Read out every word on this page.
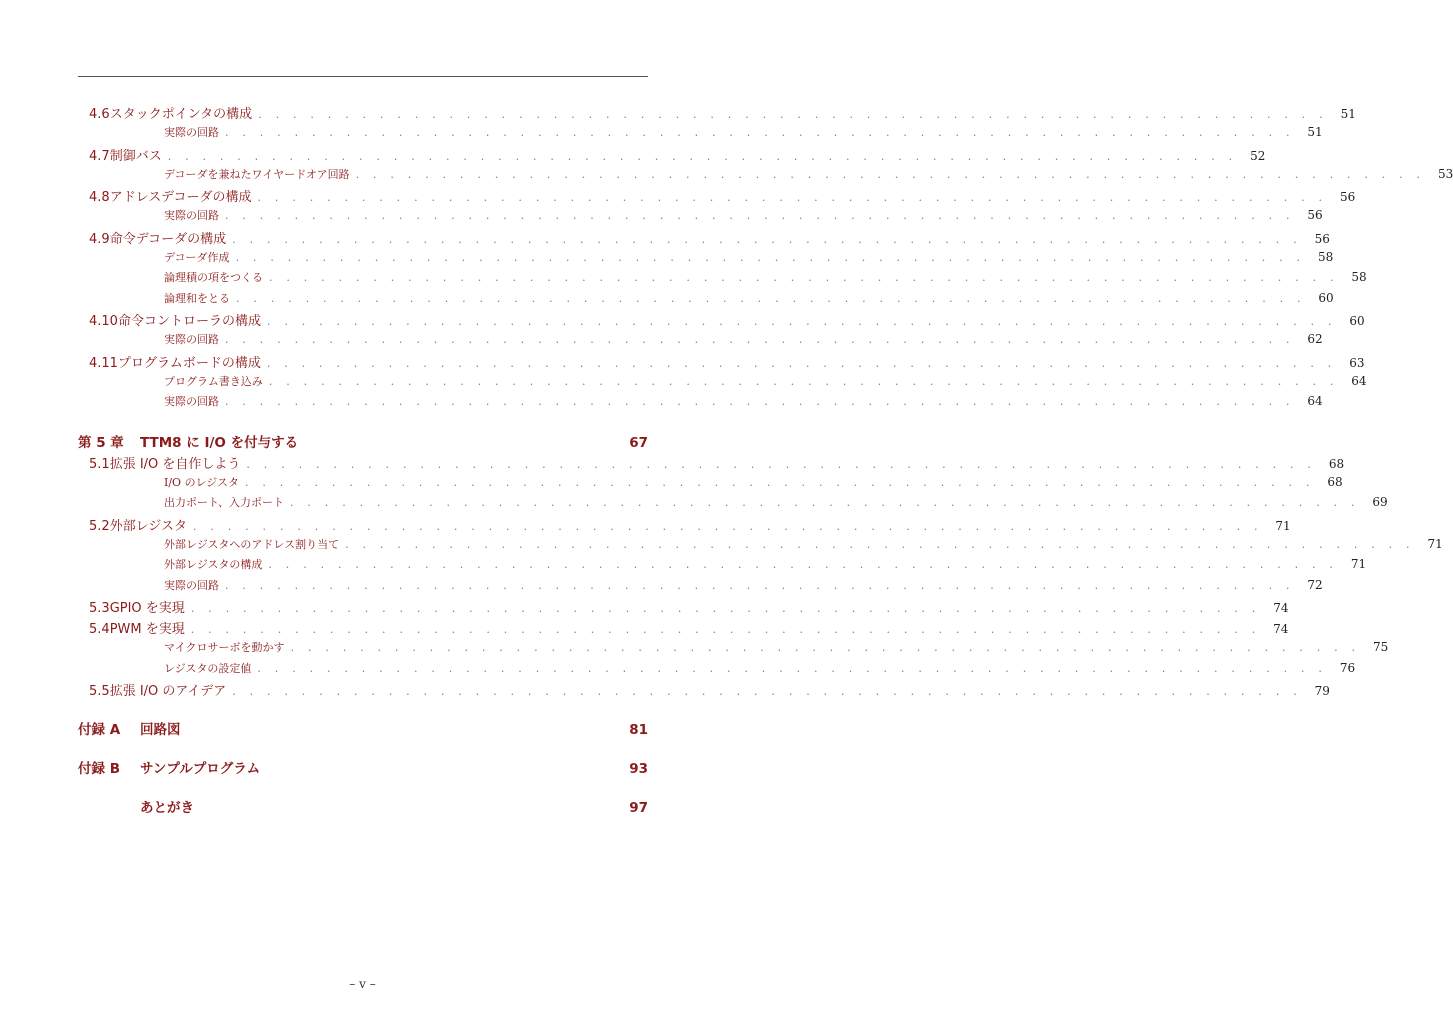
4.6 スタックポインタの構成 . . . . . . . . . . . . . . . . . . . . . . . . . . . . . . . . . . . . . . . . . . . . . . . . . . . . . . . . . . . . . .	51
実際の回路 . . . . . . . . . . . . . . . . . . . . . . . . . . . . . . . . . . . . . . . . . . . . . . . . . . . . . . . . . . . . . .	51
4.7 制御バス . . . . . . . . . . . . . . . . . . . . . . . . . . . . . . . . . . . . . . . . . . . . . . . . . . . . . . . . . . . . . .	52
デコーダを兼ねたワイヤードオア回路 . . . . . . . . . . . . . . . . . . . . . . . . . . . . . . . . . . . . . . . . . . . . . . . . . . . . . . . . . . . . . .	53
4.8 アドレスデコーダの構成 . . . . . . . . . . . . . . . . . . . . . . . . . . . . . . . . . . . . . . . . . . . . . . . . . . . . . . . . . . . . . .	56
実際の回路 . . . . . . . . . . . . . . . . . . . . . . . . . . . . . . . . . . . . . . . . . . . . . . . . . . . . . . . . . . . . . .	56
4.9 命令デコーダの構成 . . . . . . . . . . . . . . . . . . . . . . . . . . . . . . . . . . . . . . . . . . . . . . . . . . . . . . . . . . . . . .	56
デコーダ作成 . . . . . . . . . . . . . . . . . . . . . . . . . . . . . . . . . . . . . . . . . . . . . . . . . . . . . . . . . . . . . .	58
論理積の項をつくる . . . . . . . . . . . . . . . . . . . . . . . . . . . . . . . . . . . . . . . . . . . . . . . . . . . . . . . . . . . . . .	58
論理和をとる . . . . . . . . . . . . . . . . . . . . . . . . . . . . . . . . . . . . . . . . . . . . . . . . . . . . . . . . . . . . . .	60
4.10 命令コントローラの構成 . . . . . . . . . . . . . . . . . . . . . . . . . . . . . . . . . . . . . . . . . . . . . . . . . . . . . . . . . . . . . .	60
実際の回路 . . . . . . . . . . . . . . . . . . . . . . . . . . . . . . . . . . . . . . . . . . . . . . . . . . . . . . . . . . . . . .	62
4.11 プログラムボードの構成 . . . . . . . . . . . . . . . . . . . . . . . . . . . . . . . . . . . . . . . . . . . . . . . . . . . . . . . . . . . . . .	63
プログラム書き込み . . . . . . . . . . . . . . . . . . . . . . . . . . . . . . . . . . . . . . . . . . . . . . . . . . . . . . . . . . . . . .	64
実際の回路 . . . . . . . . . . . . . . . . . . . . . . . . . . . . . . . . . . . . . . . . . . . . . . . . . . . . . . . . . . . . . .	64
第 5 章	TTM8 に I/O を付与する	67
5.1 拡張 I/O を自作しよう . . . . . . . . . . . . . . . . . . . . . . . . . . . . . . . . . . . . . . . . . . . . . . . . . . . . . . . . . . . . . .	68
I/O のレジスタ . . . . . . . . . . . . . . . . . . . . . . . . . . . . . . . . . . . . . . . . . . . . . . . . . . . . . . . . . . . . . .	68
出力ポート、入力ポート . . . . . . . . . . . . . . . . . . . . . . . . . . . . . . . . . . . . . . . . . . . . . . . . . . . . . . . . . . . . . .	69
5.2 外部レジスタ . . . . . . . . . . . . . . . . . . . . . . . . . . . . . . . . . . . . . . . . . . . . . . . . . . . . . . . . . . . . . .	71
外部レジスタへのアドレス割り当て . . . . . . . . . . . . . . . . . . . . . . . . . . . . . . . . . . . . . . . . . . . . . . . . . . . . . . . . . . . . . .	71
外部レジスタの構成 . . . . . . . . . . . . . . . . . . . . . . . . . . . . . . . . . . . . . . . . . . . . . . . . . . . . . . . . . . . . . .	71
実際の回路 . . . . . . . . . . . . . . . . . . . . . . . . . . . . . . . . . . . . . . . . . . . . . . . . . . . . . . . . . . . . . .	72
5.3 GPIO を実現 . . . . . . . . . . . . . . . . . . . . . . . . . . . . . . . . . . . . . . . . . . . . . . . . . . . . . . . . . . . . . .	74
5.4 PWM を実現 . . . . . . . . . . . . . . . . . . . . . . . . . . . . . . . . . . . . . . . . . . . . . . . . . . . . . . . . . . . . . .	74
マイクロサーボを動かす . . . . . . . . . . . . . . . . . . . . . . . . . . . . . . . . . . . . . . . . . . . . . . . . . . . . . . . . . . . . . .	75
レジスタの設定値 . . . . . . . . . . . . . . . . . . . . . . . . . . . . . . . . . . . . . . . . . . . . . . . . . . . . . . . . . . . . . .	76
5.5 拡張 I/O のアイデア . . . . . . . . . . . . . . . . . . . . . . . . . . . . . . . . . . . . . . . . . . . . . . . . . . . . . . . . . . . . . .	79
付録 A	回路図	81
付録 B	サンプルプログラム	93
あとがき	97
– v –
